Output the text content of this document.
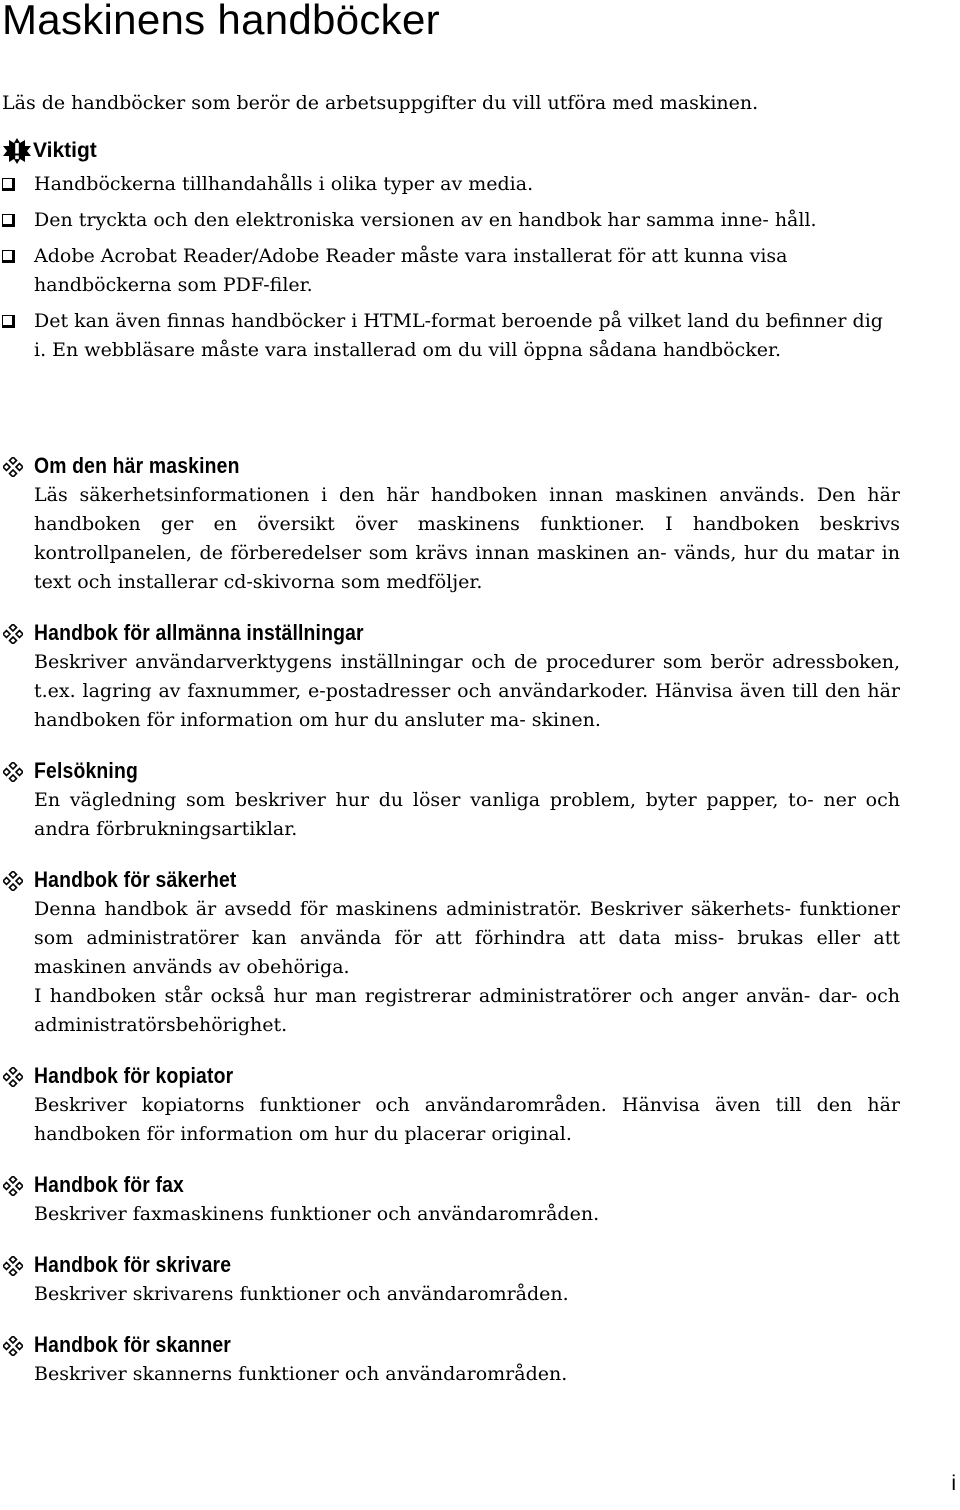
Maskinens handböcker

Läs de handböcker som berör de arbetsuppgifter du vill utföra med maskinen.

Viktigt
Handböckerna tillhandahålls i olika typer av media.
Den tryckta och den elektroniska versionen av en handbok har samma inne- håll.
Adobe Acrobat Reader/Adobe Reader måste vara installerat för att kunna visa handböckerna som PDF-filer.
Det kan även finnas handböcker i HTML-format beroende på vilket land du befinner dig i. En webbläsare måste vara installerad om du vill öppna sådana handböcker.
Om den här maskinen

Läs säkerhetsinformationen i den här handboken innan maskinen används. Den här handboken ger en översikt över maskinens funktioner. I handboken beskrivs kontrollpanelen, de förberedelser som krävs innan maskinen an- vänds, hur du matar in text och installerar cd-skivorna som medföljer.

Handbok för allmänna inställningar

Beskriver användarverktygens inställningar och de procedurer som berör adressboken, t.ex. lagring av faxnummer, e-postadresser och användarkoder. Hänvisa även till den här handboken för information om hur du ansluter ma- skinen.

Felsökning

En vägledning som beskriver hur du löser vanliga problem, byter papper, to- ner och andra förbrukningsartiklar.

Handbok för säkerhet

Denna handbok är avsedd för maskinens administratör. Beskriver säkerhets- funktioner som administratörer kan använda för att förhindra att data miss- brukas eller att maskinen används av obehöriga.

I handboken står också hur man registrerar administratörer och anger använ- dar- och administratörsbehörighet.

Handbok för kopiator

Beskriver kopiatorns funktioner och användarområden. Hänvisa även till den här handboken för information om hur du placerar original.

Handbok för fax

Beskriver faxmaskinens funktioner och användarområden.

Handbok för skrivare

Beskriver skrivarens funktioner och användarområden.

Handbok för skanner

Beskriver skannerns funktioner och användarområden.

i
